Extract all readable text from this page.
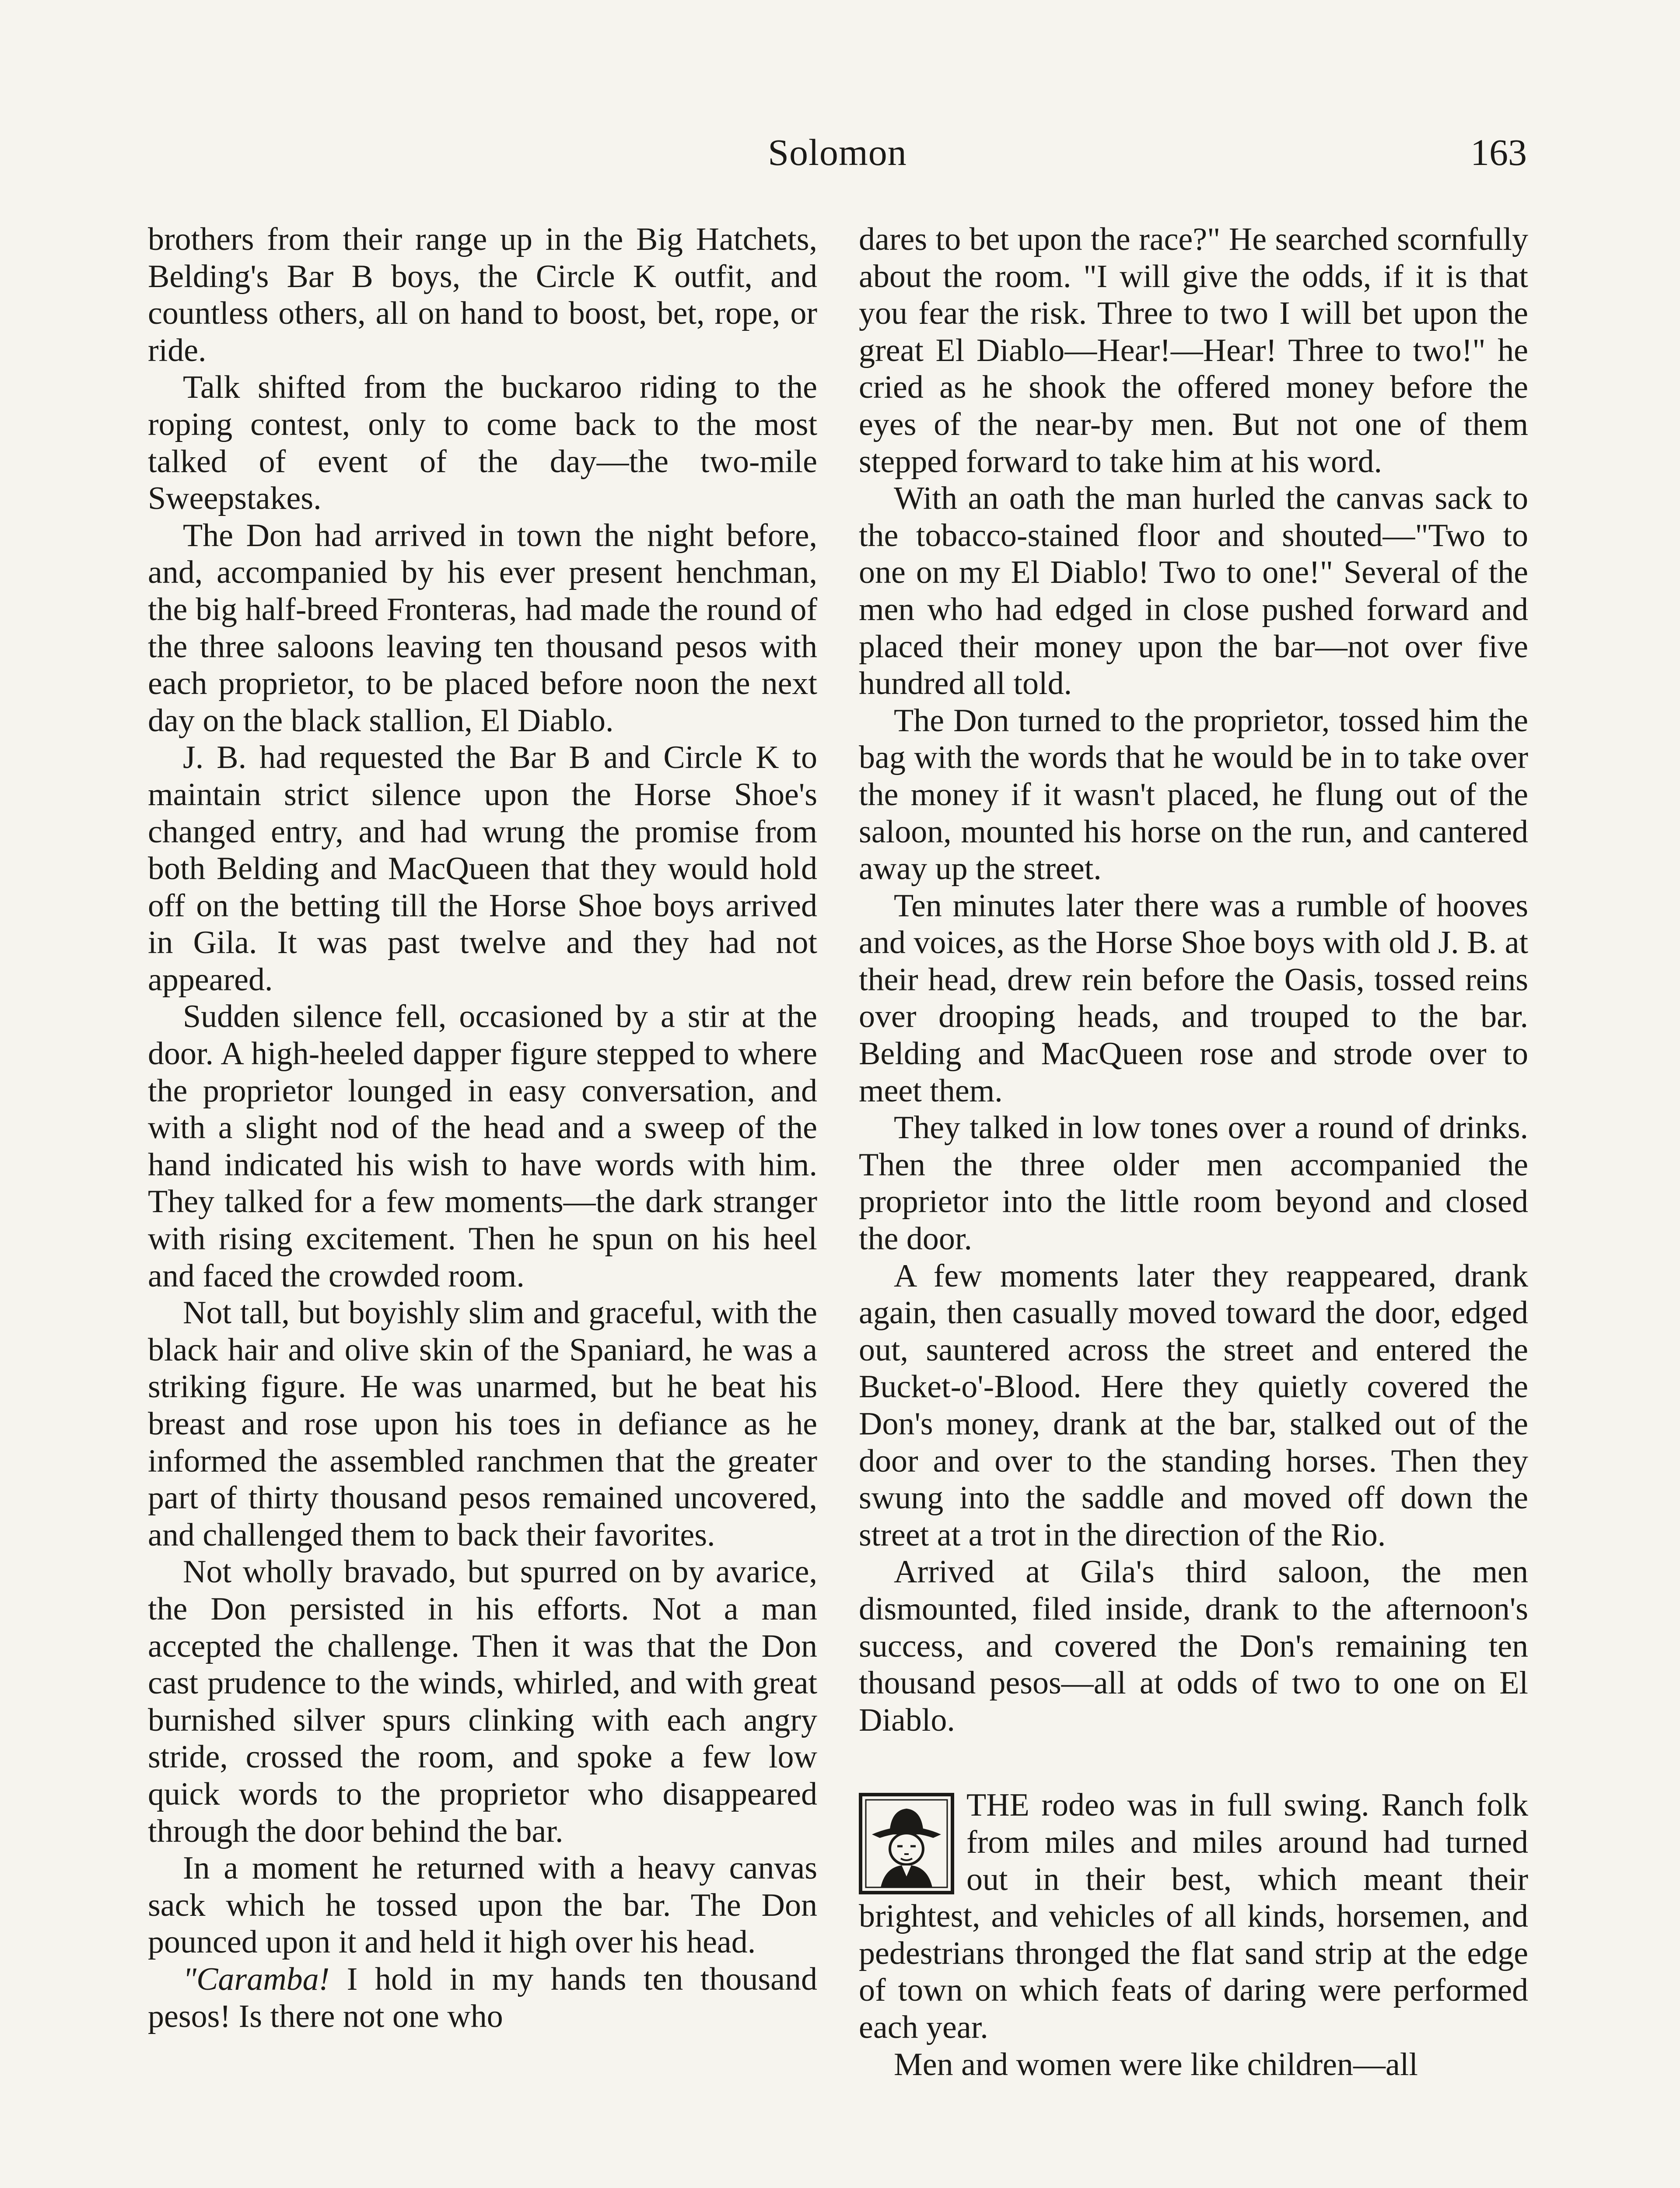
Solomon	163

brothers from their range up in the Big Hatchets, Belding's Bar B boys, the Circle K outfit, and countless others, all on hand to boost, bet, rope, or ride.

Talk shifted from the buckaroo riding to the roping contest, only to come back to the most talked of event of the day—the two-mile Sweepstakes.

The Don had arrived in town the night before, and, accompanied by his ever present henchman, the big half-breed Fronteras, had made the round of the three saloons leaving ten thousand pesos with each proprietor, to be placed before noon the next day on the black stallion, El Diablo.

J. B. had requested the Bar B and Circle K to maintain strict silence upon the Horse Shoe's changed entry, and had wrung the promise from both Belding and MacQueen that they would hold off on the betting till the Horse Shoe boys arrived in Gila. It was past twelve and they had not appeared.

Sudden silence fell, occasioned by a stir at the door. A high-heeled dapper figure stepped to where the proprietor lounged in easy conversation, and with a slight nod of the head and a sweep of the hand indicated his wish to have words with him. They talked for a few moments—the dark stranger with rising excitement. Then he spun on his heel and faced the crowded room.

Not tall, but boyishly slim and graceful, with the black hair and olive skin of the Spaniard, he was a striking figure. He was unarmed, but he beat his breast and rose upon his toes in defiance as he informed the assembled ranchmen that the greater part of thirty thousand pesos remained uncovered, and challenged them to back their favorites.

Not wholly bravado, but spurred on by avarice, the Don persisted in his efforts. Not a man accepted the challenge. Then it was that the Don cast prudence to the winds, whirled, and with great burnished silver spurs clinking with each angry stride, crossed the room, and spoke a few low quick words to the proprietor who disappeared through the door behind the bar.

In a moment he returned with a heavy canvas sack which he tossed upon the bar. The Don pounced upon it and held it high over his head.

"Caramba! I hold in my hands ten thousand pesos! Is there not one who

dares to bet upon the race?" He searched scornfully about the room. "I will give the odds, if it is that you fear the risk. Three to two I will bet upon the great El Diablo—Hear!—Hear! Three to two!" he cried as he shook the offered money before the eyes of the near-by men. But not one of them stepped forward to take him at his word.

With an oath the man hurled the canvas sack to the tobacco-stained floor and shouted—"Two to one on my El Diablo! Two to one!" Several of the men who had edged in close pushed forward and placed their money upon the bar—not over five hundred all told.

The Don turned to the proprietor, tossed him the bag with the words that he would be in to take over the money if it wasn't placed, he flung out of the saloon, mounted his horse on the run, and cantered away up the street.

Ten minutes later there was a rumble of hooves and voices, as the Horse Shoe boys with old J. B. at their head, drew rein before the Oasis, tossed reins over drooping heads, and trouped to the bar. Belding and MacQueen rose and strode over to meet them.

They talked in low tones over a round of drinks. Then the three older men accompanied the proprietor into the little room beyond and closed the door.

A few moments later they reappeared, drank again, then casually moved toward the door, edged out, sauntered across the street and entered the Bucket-o'-Blood. Here they quietly covered the Don's money, drank at the bar, stalked out of the door and over to the standing horses. Then they swung into the saddle and moved off down the street at a trot in the direction of the Rio.

Arrived at Gila's third saloon, the men dismounted, filed inside, drank to the afternoon's success, and covered the Don's remaining ten thousand pesos—all at odds of two to one on El Diablo.

THE rodeo was in full swing. Ranch folk from miles and miles around had turned out in their best, which meant their brightest, and vehicles of all kinds, horsemen, and pedestrians thronged the flat sand strip at the edge of town on which feats of daring were performed each year.

Men and women were like children—all
